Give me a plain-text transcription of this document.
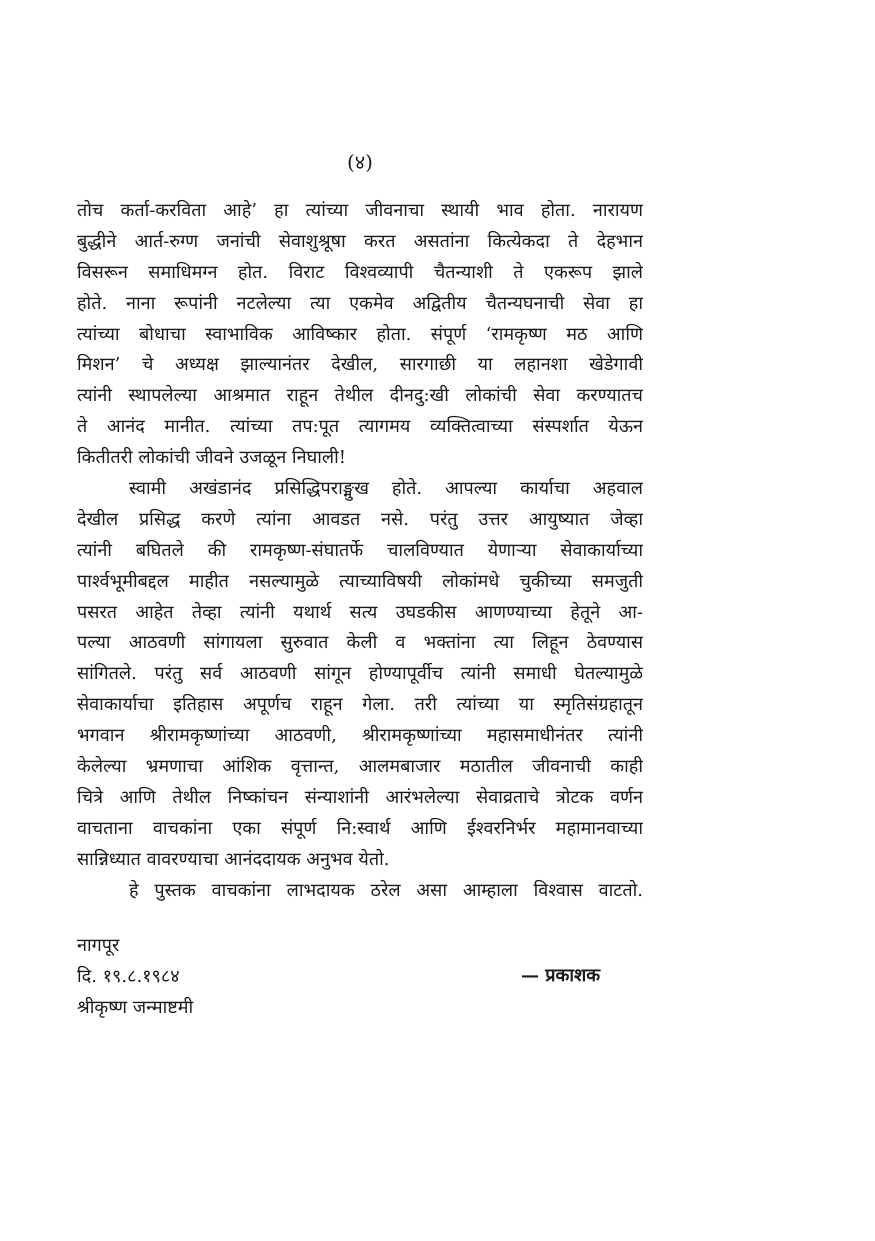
(४)
तोच कर्ता-करविता आहे’ हा त्यांच्या जीवनाचा स्थायी भाव होता. नारायण
बुद्धीने आर्त-रुग्ण जनांची सेवाशुश्रूषा करत असतांना कित्येकदा ते देहभान
विसरून समाधिमग्न होत. विराट विश्वव्यापी चैतन्याशी ते एकरूप झाले
होते. नाना रूपांनी नटलेल्या त्या एकमेव अद्वितीय चैतन्यघनाची सेवा हा
त्यांच्या बोधाचा स्वाभाविक आविष्कार होता. संपूर्ण ‘रामकृष्ण मठ आणि
मिशन’ चे अध्यक्ष झाल्यानंतर देखील, सारगाछी या लहानशा खेडेगावी
त्यांनी स्थापलेल्या आश्रमात राहून तेथील दीनदु:खी लोकांची सेवा करण्यातच
ते आनंद मानीत. त्यांच्या तप:पूत त्यागमय व्यक्तित्वाच्या संस्पर्शात येऊन
कितीतरी लोकांची जीवने उजळून निघाली!
स्वामी अखंडानंद प्रसिद्धिपराङ्मुख होते. आपल्या कार्याचा अहवाल
देखील प्रसिद्ध करणे त्यांना आवडत नसे. परंतु उत्तर आयुष्यात जेव्हा
त्यांनी बघितले की रामकृष्ण-संघातर्फे चालविण्यात येणाऱ्या सेवाकार्याच्या
पार्श्वभूमीबद्दल माहीत नसल्यामुळे त्याच्याविषयी लोकांमधे चुकीच्या समजुती
पसरत आहेत तेव्हा त्यांनी यथार्थ सत्य उघडकीस आणण्याच्या हेतूने आ-
पल्या आठवणी सांगायला सुरुवात केली व भक्तांना त्या लिहून ठेवण्यास
सांगितले. परंतु सर्व आठवणी सांगून होण्यापूर्वीच त्यांनी समाधी घेतल्यामुळे
सेवाकार्याचा इतिहास अपूर्णच राहून गेला. तरी त्यांच्या या स्मृतिसंग्रहातून
भगवान श्रीरामकृष्णांच्या आठवणी, श्रीरामकृष्णांच्या महासमाधीनंतर त्यांनी
केलेल्या भ्रमणाचा आंशिक वृत्तान्त, आलमबाजार मठातील जीवनाची काही
चित्रे आणि तेथील निष्कांचन संन्याशांनी आरंभलेल्या सेवाव्रताचे त्रोटक वर्णन
वाचताना वाचकांना एका संपूर्ण नि:स्वार्थ आणि ईश्वरनिर्भर महामानवाच्या
सान्निध्यात वावरण्याचा आनंददायक अनुभव येतो.
हे पुस्तक वाचकांना लाभदायक ठरेल असा आम्हाला विश्वास वाटतो.
नागपूर
दि. १९.८.१९८४
श्रीकृष्ण जन्माष्टमी
— प्रकाशक
